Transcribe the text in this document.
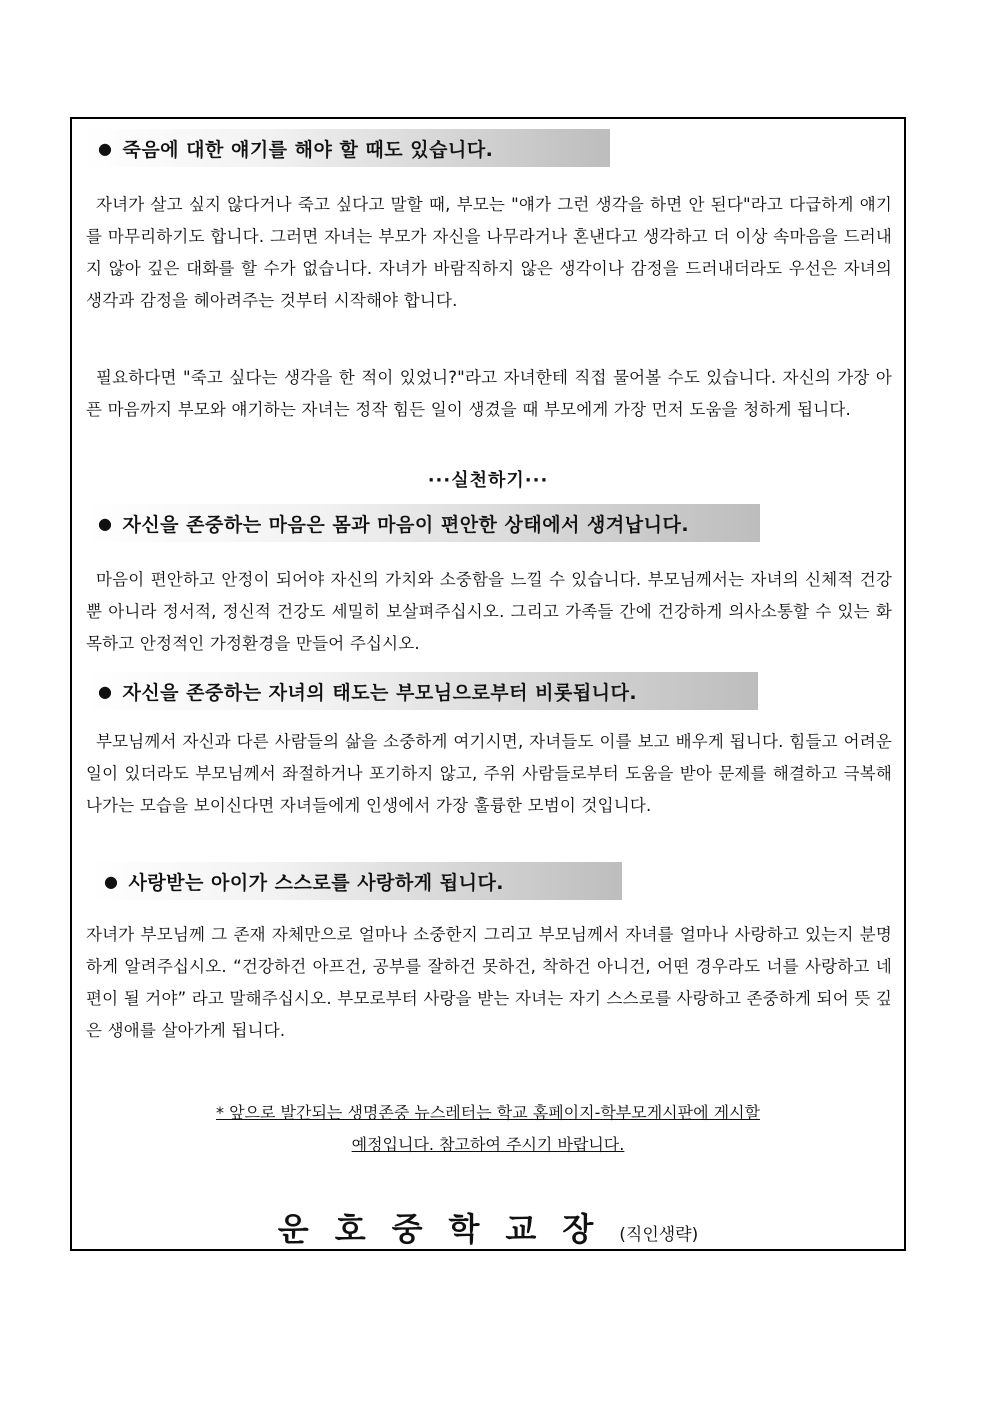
● 죽음에 대한 얘기를 해야 할 때도 있습니다.

자녀가 살고 싶지 않다거나 죽고 싶다고 말할 때, 부모는 "얘가 그런 생각을 하면 안 된다"라고 다급하게 얘기를 마무리하기도 합니다. 그러면 자녀는 부모가 자신을 나무라거나 혼낸다고 생각하고 더 이상 속마음을 드러내지 않아 깊은 대화를 할 수가 없습니다. 자녀가 바람직하지 않은 생각이나 감정을 드러내더라도 우선은 자녀의 생각과 감정을 헤아려주는 것부터 시작해야 합니다.

필요하다면 "죽고 싶다는 생각을 한 적이 있었니?"라고 자녀한테 직접 물어볼 수도 있습니다. 자신의 가장 아픈 마음까지 부모와 얘기하는 자녀는 정작 힘든 일이 생겼을 때 부모에게 가장 먼저 도움을 청하게 됩니다.

···실천하기···
● 자신을 존중하는 마음은 몸과 마음이 편안한 상태에서 생겨납니다.

마음이 편안하고 안정이 되어야 자신의 가치와 소중함을 느낄 수 있습니다. 부모님께서는 자녀의 신체적 건강 뿐 아니라 정서적, 정신적 건강도 세밀히 보살펴주십시오. 그리고 가족들 간에 건강하게 의사소통할 수 있는 화목하고 안정적인 가정환경을 만들어 주십시오.

● 자신을 존중하는 자녀의 태도는 부모님으로부터 비롯됩니다.

부모님께서 자신과 다른 사람들의 삶을 소중하게 여기시면, 자녀들도 이를 보고 배우게 됩니다. 힘들고 어려운 일이 있더라도 부모님께서 좌절하거나 포기하지 않고, 주위 사람들로부터 도움을 받아 문제를 해결하고 극복해나가는 모습을 보이신다면 자녀들에게 인생에서 가장 훌륭한 모범이 것입니다.

● 사랑받는 아이가 스스로를 사랑하게 됩니다.

자녀가 부모님께 그 존재 자체만으로 얼마나 소중한지 그리고 부모님께서 자녀를 얼마나 사랑하고 있는지 분명하게 알려주십시오. “건강하건 아프건, 공부를 잘하건 못하건, 착하건 아니건, 어떤 경우라도 너를 사랑하고 네 편이 될 거야” 라고 말해주십시오. 부모로부터 사랑을 받는 자녀는 자기 스스로를 사랑하고 존중하게 되어 뜻 깊은 생애를 살아가게 됩니다.

* 앞으로 발간되는 생명존중 뉴스레터는 학교 홈페이지-학부모게시판에 게시할
예정입니다. 참고하여 주시기 바랍니다.
운호중학교장(직인생략)
